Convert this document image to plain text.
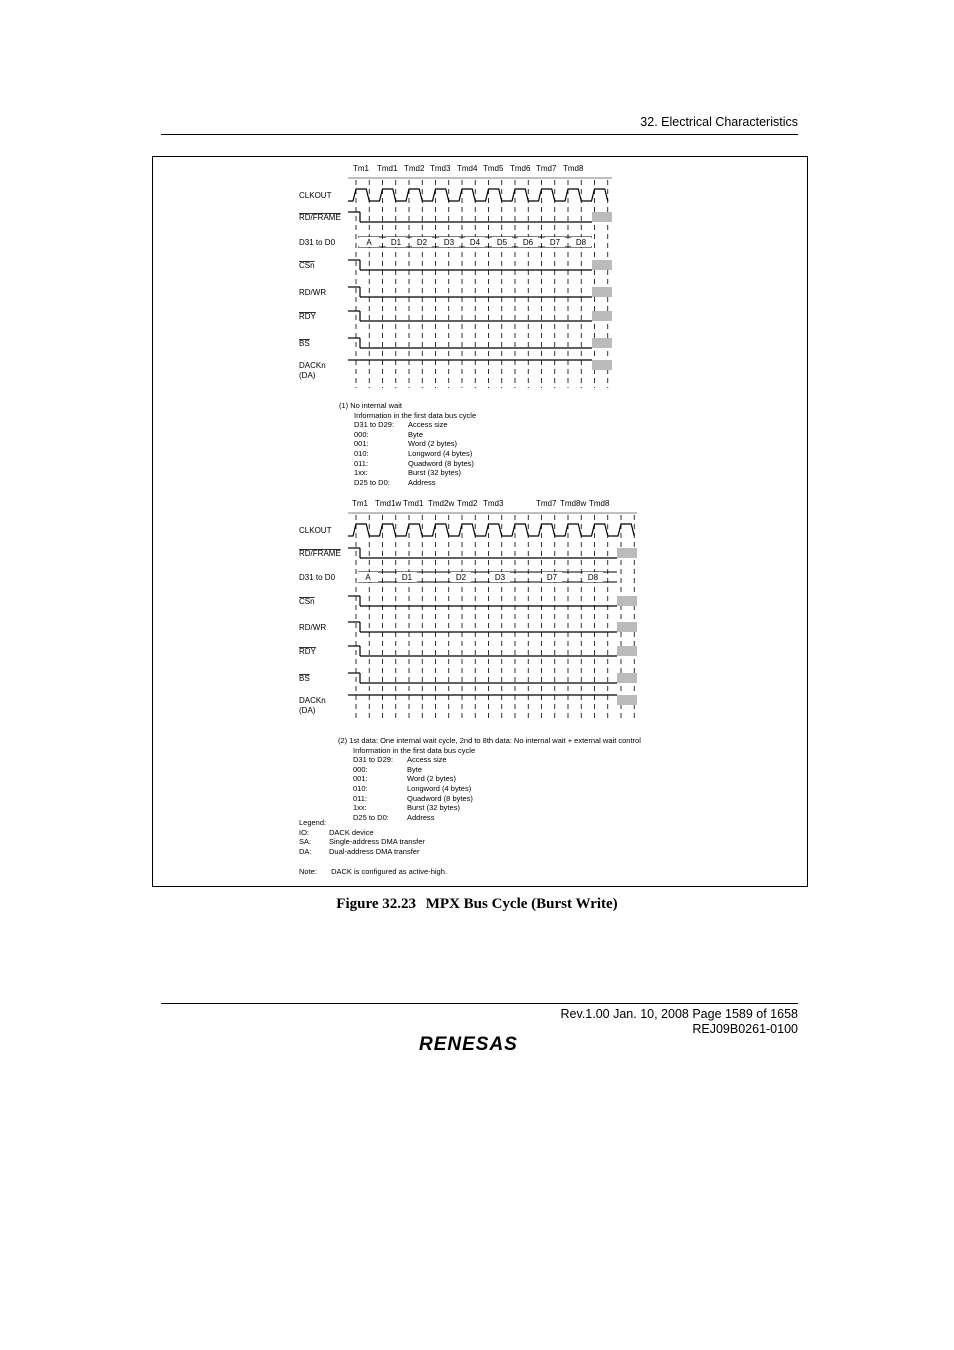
32. Electrical Characteristics
Tm1 Tmd1 Tmd2 Tmd3 Tmd4 Tmd5 Tmd6 Tmd7 Tmd8
CLKOUT
RD/FRAME
D31 to D0
CSn
RD/WR
RDY
BS
DACKn
(DA)
A D1 D2 D3 D4 D5 D6 D7 D8
Tm1 Tmd1w Tmd1 Tmd2w Tmd2 Tmd3	Tmd7 Tmd8w Tmd8
CLKOUT
RD/FRAME
D31 to D0
CSn
RD/WR
RDY
BS
DACKn
(DA)
A	D1	D2	D3	D7	D8
(1) No internal wait
Information in the first data bus cycle
D31 to D29: Access size
000:	Byte
001:	Word (2 bytes)
010:	Longword (4 bytes)
011:	Quadword (8 bytes)
1xx:	Burst (32 bytes)
D25 to D0: Address
(2) 1st data: One internal wait cycle, 2nd to 8th data: No internal wait + external wait control
Information in the first data bus cycle
D31 to D29: Access size
000:	Byte
001:	Word (2 bytes)
010:	Longword (4 bytes)
011:	Quadword (8 bytes)
1xx:	Burst (32 bytes)
D25 to D0: Address
Legend:
IO:	DACK device
SA: Single-address DMA transfer
DA: Dual-address DMA transfer
Note: DACK is configured as active-high.
Figure 32.23 MPX Bus Cycle (Burst Write)
Rev.1.00 Jan. 10, 2008 Page 1589 of 1658
REJ09B0261-0100
RENESAS
